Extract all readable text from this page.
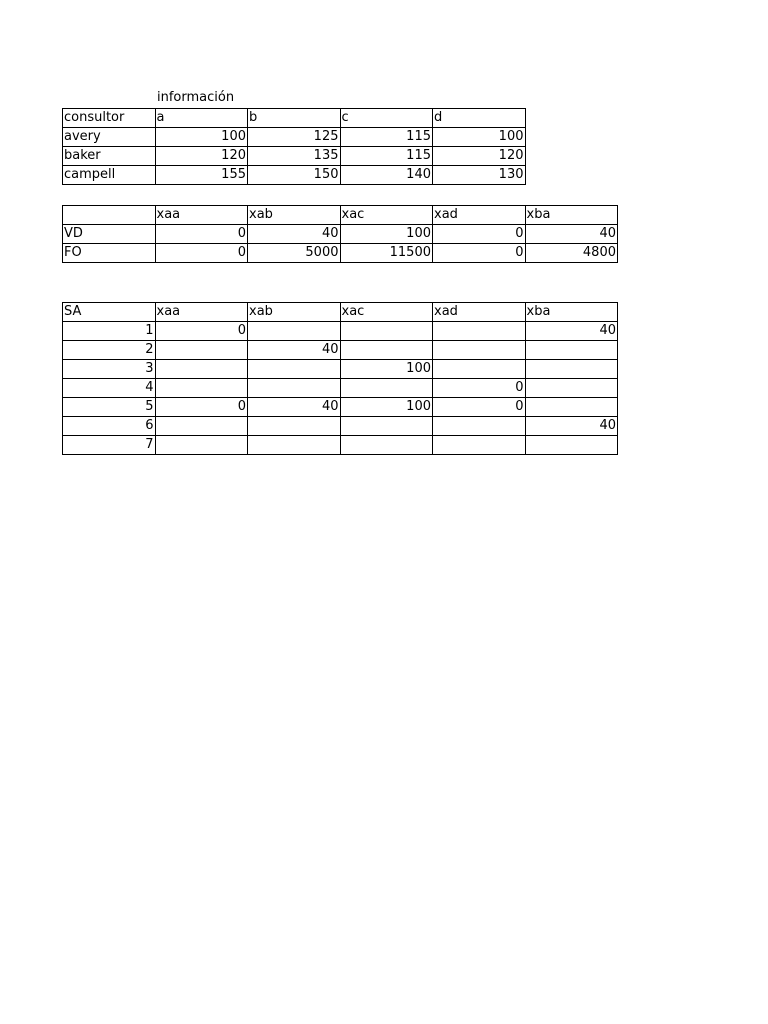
información
consultor	a	b	c	d
avery	100	125	115	100
baker	120	135	115	120
campell	155	150	140	130
	xaa	xab	xac	xad	xba
VD	0	40	100	0	40
FO	0	5000	11500	0	4800
SA	xaa	xab	xac	xad	xba
1	0				40
2		40			
3			100		
4				0	
5	0	40	100	0	
6					40
7					
